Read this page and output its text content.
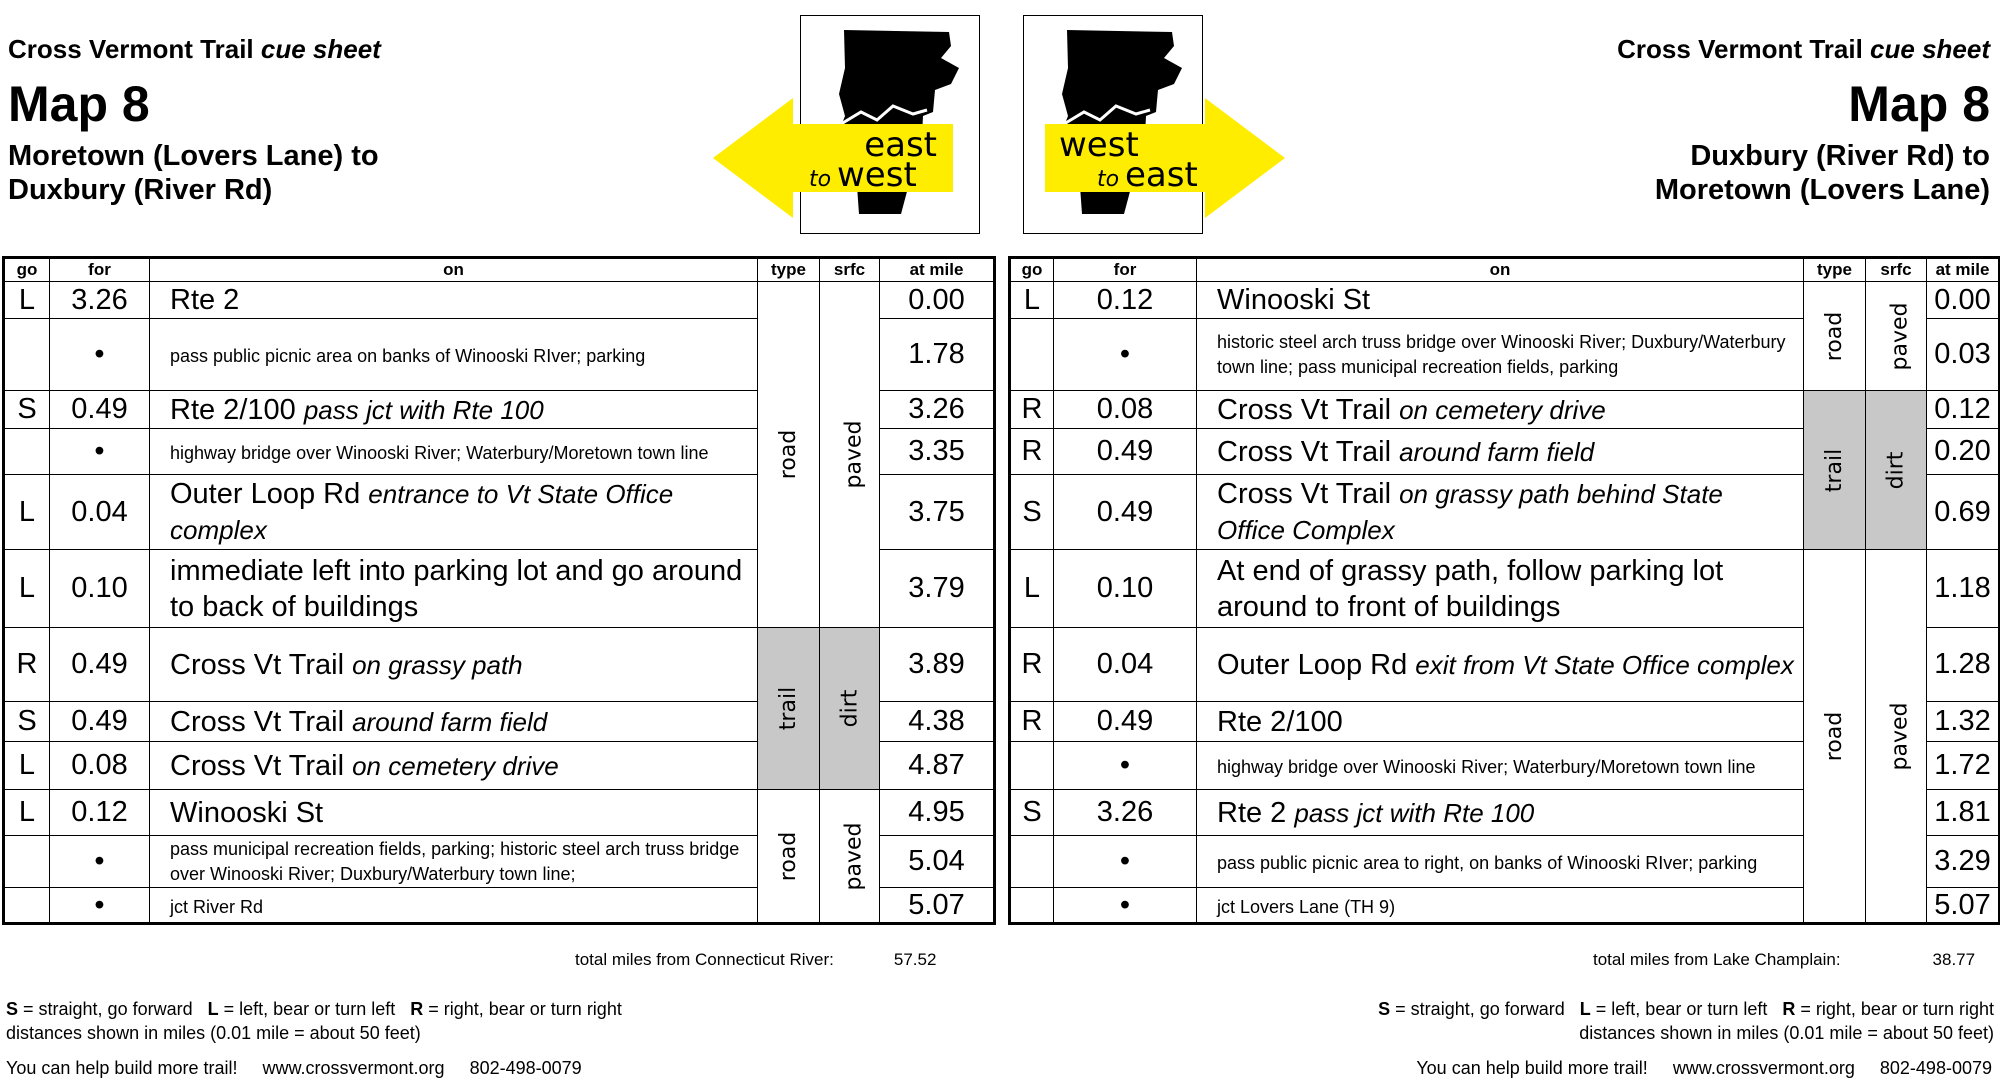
Cross Vermont Trail cue sheet
Map 8
Moretown (Lovers Lane) to
Duxbury (River Rd)
Cross Vermont Trail cue sheet
Map 8
Duxbury (River Rd) to
Moretown (Lovers Lane)
east
to west
west
to east
go	for	on	type	srfc	at mile
L	3.26	Rte 2	road	paved	0.00
	•	pass public picnic area on banks of Winooski RIver; parking			1.78
S	0.49	Rte 2/100 pass jct with Rte 100			3.26
	•	highway bridge over Winooski River; Waterbury/Moretown town line			3.35
L	0.04	Outer Loop Rd entrance to Vt State Office complex			3.75
L	0.10	immediate left into parking lot and go around to back of buildings			3.79
R	0.49	Cross Vt Trail on grassy path	trail	dirt	3.89
S	0.49	Cross Vt Trail around farm field			4.38
L	0.08	Cross Vt Trail on cemetery drive			4.87
L	0.12	Winooski St	road	paved	4.95
	•	pass municipal recreation fields, parking; historic steel arch truss bridge over Winooski River; Duxbury/Waterbury town line;			5.04
	•	jct River Rd			5.07
go	for	on	type	srfc	at mile
L	0.12	Winooski St	road	paved	0.00
	•	historic steel arch truss bridge over Winooski River; Duxbury/Waterbury town line; pass municipal recreation fields, parking			0.03
R	0.08	Cross Vt Trail on cemetery drive	trail	dirt	0.12
R	0.49	Cross Vt Trail around farm field			0.20
S	0.49	Cross Vt Trail on grassy path behind State Office Complex			0.69
L	0.10	At end of grassy path, follow parking lot around to front of buildings	road	paved	1.18
R	0.04	Outer Loop Rd exit from Vt State Office complex			1.28
R	0.49	Rte 2/100			1.32
	•	highway bridge over Winooski River; Waterbury/Moretown town line			1.72
S	3.26	Rte 2 pass jct with Rte 100			1.81
	•	pass public picnic area to right, on banks of Winooski RIver; parking			3.29
	•	jct Lovers Lane (TH 9)			5.07
total miles from Connecticut River:	57.52	total miles from Lake Champlain:	38.77
S = straight, go forward L = left, bear or turn left R = right, bear or turn right
distances shown in miles (0.01 mile = about 50 feet)
S = straight, go forward L = left, bear or turn left R = right, bear or turn right
distances shown in miles (0.01 mile = about 50 feet)
You can help build more trail! www.crossvermont.org 802-498-0079	You can help build more trail! www.crossvermont.org 802-498-0079
